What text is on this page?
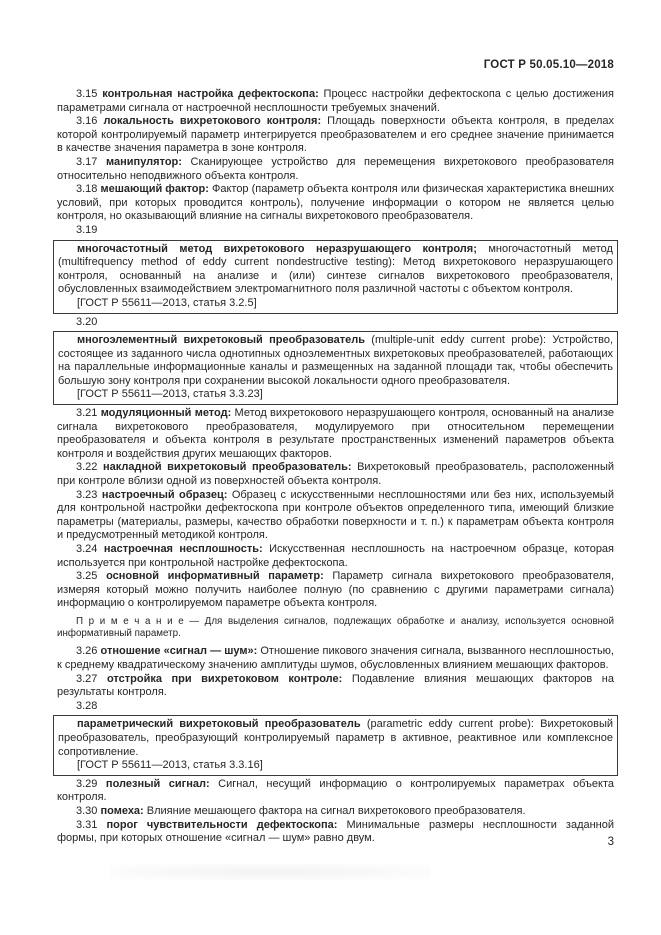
ГОСТ Р 50.05.10—2018

3.15 контрольная настройка дефектоскопа: Процесс настройки дефектоскопа с целью достижения параметрами сигнала от настроечной несплошности требуемых значений.

3.16 локальность вихретокового контроля: Площадь поверхности объекта контроля, в пределах которой контролируемый параметр интегрируется преобразователем и его среднее значение принимается в качестве значения параметра в зоне контроля.

3.17 манипулятор: Сканирующее устройство для перемещения вихретокового преобразователя относительно неподвижного объекта контроля.

3.18 мешающий фактор: Фактор (параметр объекта контроля или физическая характеристика внешних условий, при которых проводится контроль), получение информации о котором не является целью контроля, но оказывающий влияние на сигналы вихретокового преобразователя.

3.19

многочастотный метод вихретокового неразрушающего контроля; многочастотный метод (multifrequency method of eddy current nondestructive testing): Метод вихретокового неразрушающего контроля, основанный на анализе и (или) синтезе сигналов вихретокового преобразователя, обусловленных взаимодействием электромагнитного поля различной частоты с объектом контроля.

[ГОСТ Р 55611—2013, статья 3.2.5]

3.20

многоэлементный вихретоковый преобразователь (multiple-unit eddy current probe): Устройство, состоящее из заданного числа однотипных одноэлементных вихретоковых преобразователей, работающих на параллельные информационные каналы и размещенных на заданной площади так, чтобы обеспечить большую зону контроля при сохранении высокой локальности одного преобразователя.

[ГОСТ Р 55611—2013, статья 3.3.23]

3.21 модуляционный метод: Метод вихретокового неразрушающего контроля, основанный на анализе сигнала вихретокового преобразователя, модулируемого при относительном перемещении преобразователя и объекта контроля в результате пространственных изменений параметров объекта контроля и воздействия других мешающих факторов.

3.22 накладной вихретоковый преобразователь: Вихретоковый преобразователь, расположенный при контроле вблизи одной из поверхностей объекта контроля.

3.23 настроечный образец: Образец с искусственными несплошностями или без них, используемый для контрольной настройки дефектоскопа при контроле объектов определенного типа, имеющий близкие параметры (материалы, размеры, качество обработки поверхности и т. п.) к параметрам объекта контроля и предусмотренный методикой контроля.

3.24 настроечная несплошность: Искусственная несплошность на настроечном образце, которая используется при контрольной настройке дефектоскопа.

3.25 основной информативный параметр: Параметр сигнала вихретокового преобразователя, измеряя который можно получить наиболее полную (по сравнению с другими параметрами сигнала) информацию о контролируемом параметре объекта контроля.

П р и м е ч а н и е — Для выделения сигналов, подлежащих обработке и анализу, используется основной информативный параметр.

3.26 отношение «сигнал — шум»: Отношение пикового значения сигнала, вызванного несплошностью, к среднему квадратическому значению амплитуды шумов, обусловленных влиянием мешающих факторов.

3.27 отстройка при вихретоковом контроле: Подавление влияния мешающих факторов на результаты контроля.

3.28

параметрический вихретоковый преобразователь (parametric eddy current probe): Вихретоковый преобразователь, преобразующий контролируемый параметр в активное, реактивное или комплексное сопротивление.

[ГОСТ Р 55611—2013, статья 3.3.16]

3.29 полезный сигнал: Сигнал, несущий информацию о контролируемых параметрах объекта контроля.

3.30 помеха: Влияние мешающего фактора на сигнал вихретокового преобразователя.

3.31 порог чувствительности дефектоскопа: Минимальные размеры несплошности заданной формы, при которых отношение «сигнал — шум» равно двум.	3
